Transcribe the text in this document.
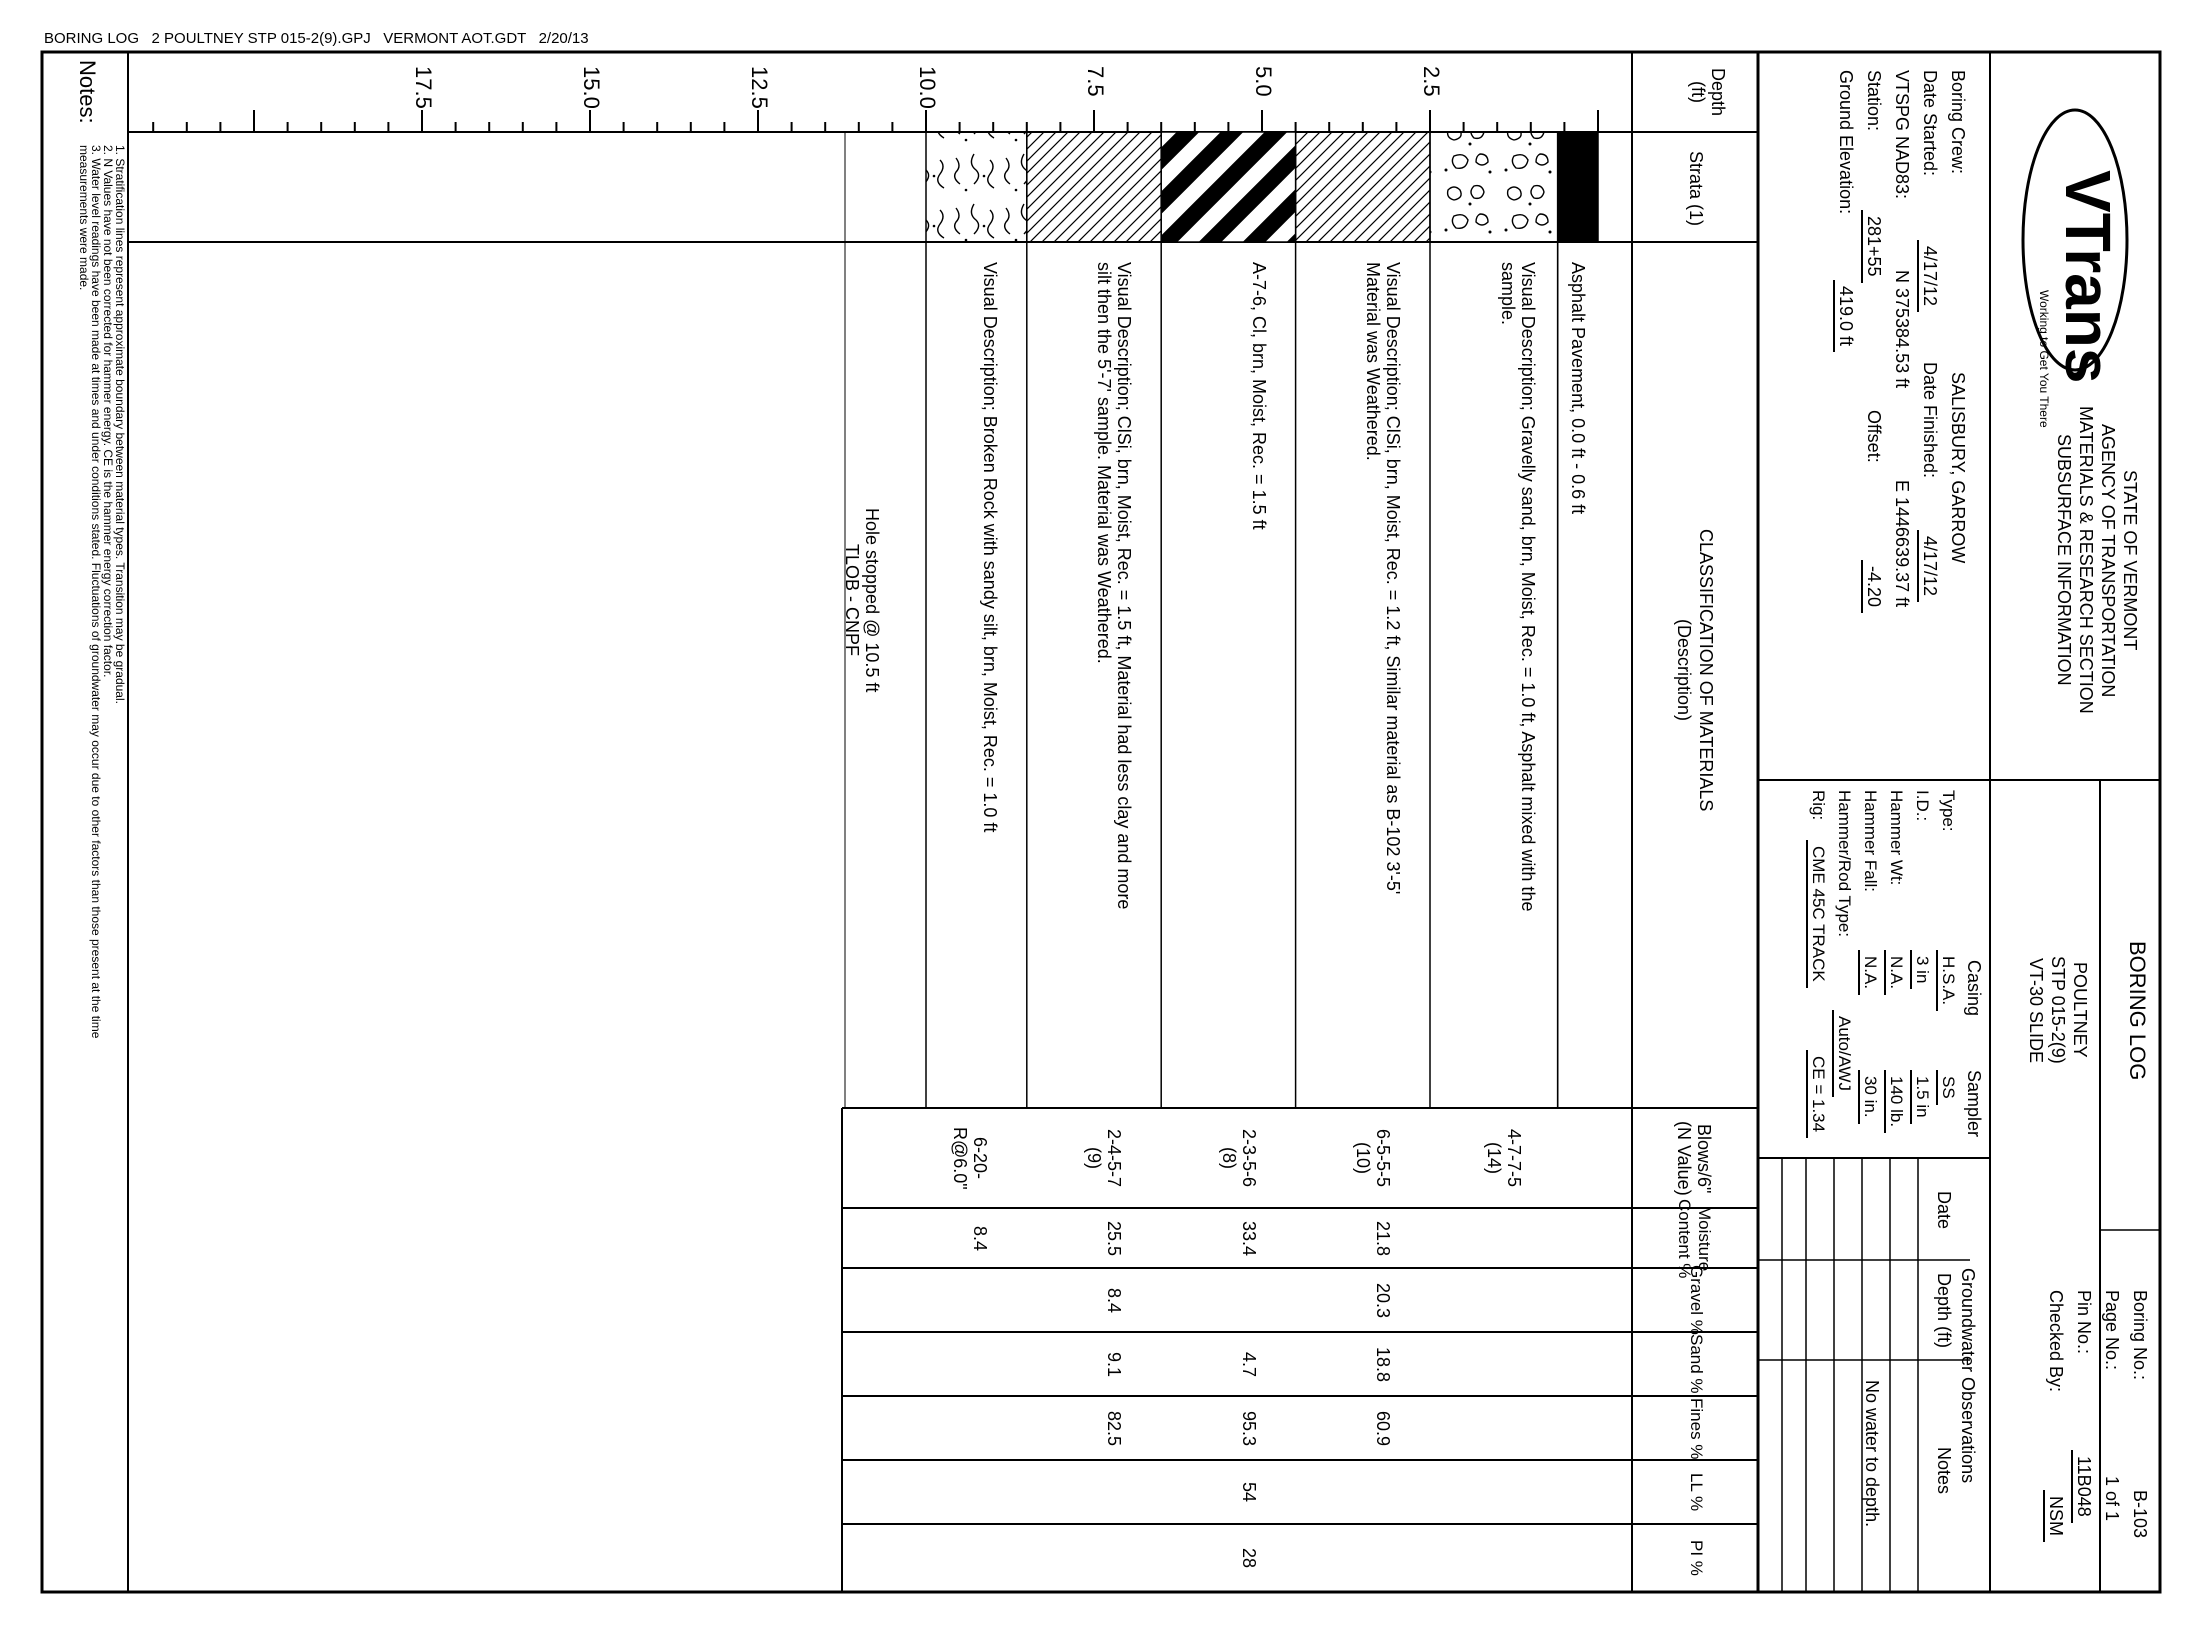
BORING LOG   2 POULTNEY STP 015-2(9).GPJ   VERMONT AOT.GDT   2/20/13
Notes:
1. Stratification lines represent approximate boundary between material types. Transition may be gradual.
2. N Values have not been corrected for hammer energy. CE is the hammer energy correction factor.
3. Water level readings have been made at times and under conditions stated. Fluctuations of groundwater may occur due to other factors than those present at the time
measurements were made.
2.5
5.0
7.5
10.0
12.5
15.0
17.5	Depth
(ft)
Strata (1)
CLASSIFICATION OF MATERIALS
(Description)
Blows/6"
(N Value)
Moisture
Content %
Gravel %
Sand %
Fines %
LL %
PI %
Asphalt Pavement, 0.0 ft - 0.6 ft
Visual Description; Gravelly sand, brn, Moist, Rec. = 1.0 ft, Asphalt mixed with the
sample.
Visual Description; ClSi, brn, Moist, Rec. = 1.2 ft, Similar material as B-102 3'-5'
Material was Weathered.
A-7-6, Cl, brn, Moist, Rec. = 1.5 ft
Visual Description; ClSi, brn, Moist, Rec. = 1.5 ft, Material had less clay and more
silt then the 5'-7' sample. Material was Weathered.
Visual Description; Broken Rock with sandy silt, brn, Moist, Rec. = 1.0 ft
Hole stopped @ 10.5 ft
TLOB - CNPF
4-7-7-5
(14)
6-5-5-5
(10)
21.8
20.3
18.8
60.9
2-3-5-6
(8)
33.4
4.7
95.3
54
28
2-4-5-7
(9)
25.5
8.4
9.1
82.5
6-20-
R@6.0"
8.4
Boring Crew:
SALISBURY, GARROW
Date Started:
4/17/12
Date Finished:
4/17/12
VTSPG NAD83:
N 375384.53 ft
E 1446639.37 ft
Station:
281+55
Offset:
-4.20
Ground Elevation:
419.0 ft
Casing
Sampler
Type:
H.S.A.
SS
I.D.:
3 in
1.5 in
Hammer Wt:
N.A.
140 lb.
Hammer Fall:
N.A.
30 in.
Hammer/Rod Type:
Auto/AWJ
Rig:
CME 45C TRACK
CE = 1.34
Groundwater Observations
Date
Depth (ft)
Notes
No water to depth.
VTrans
Working to Get You There
STATE OF VERMONT
AGENCY OF TRANSPORTATION
MATERIALS & RESEARCH SECTION
SUBSURFACE INFORMATION
BORING LOG
POULTNEY
STP 015-2(9)
VT-30 SLIDE
Boring No.:
B-103
Page No.:
1 of 1
Pin No.:
11B048
Checked By:
NSM
